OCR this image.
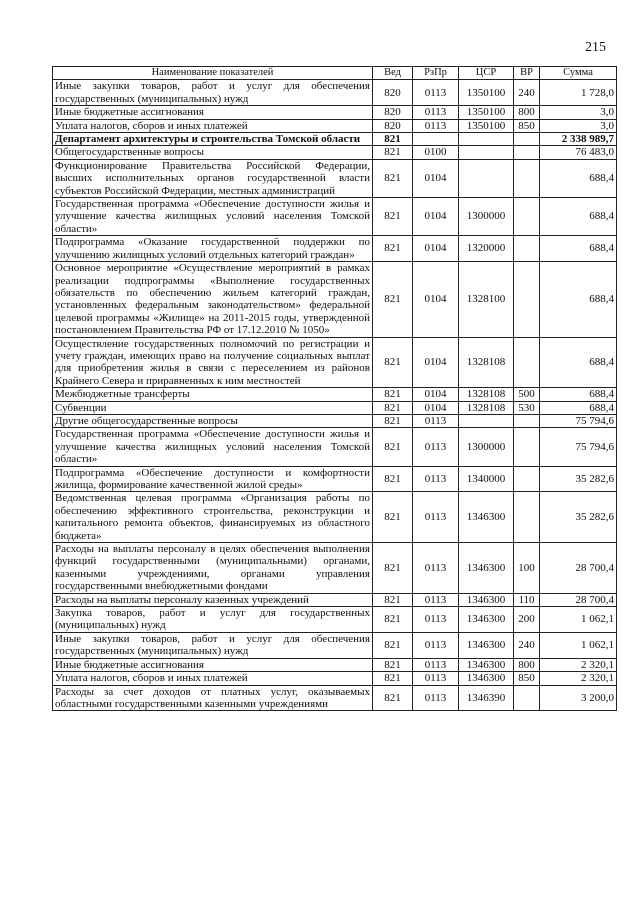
215
Наименование показателей	Вед	РзПр	ЦСР	ВР	Сумма
Иные закупки товаров, работ и услуг для обеспечения государственных (муниципальных) нужд	820	0113	1350100	240	1 728,0
Иные бюджетные ассигнования	820	0113	1350100	800	3,0
Уплата налогов, сборов и иных платежей	820	0113	1350100	850	3,0
Департамент архитектуры и строительства Томской области	821				2 338 989,7
Общегосударственные вопросы	821	0100			76 483,0
Функционирование Правительства Российской Федерации, высших исполнительных органов государственной власти субъектов Российской Федерации, местных администраций	821	0104			688,4
Государственная программа «Обеспечение доступности жилья и улучшение качества жилищных условий населения Томской области»	821	0104	1300000		688,4
Подпрограмма «Оказание государственной поддержки по улучшению жилищных условий отдельных категорий граждан»	821	0104	1320000		688,4
Основное мероприятие «Осуществление мероприятий в рамках реализации подпрограммы «Выполнение государственных обязательств по обеспечению жильем категорий граждан, установленных федеральным законодательством» федеральной целевой программы «Жилище» на 2011-2015 годы, утвержденной постановлением Правительства РФ от 17.12.2010 № 1050»	821	0104	1328100		688,4
Осуществление государственных полномочий по регистрации и учету граждан, имеющих право на получение социальных выплат для приобретения жилья в связи с переселением из районов Крайнего Севера и приравненных к ним местностей	821	0104	1328108		688,4
Межбюджетные трансферты	821	0104	1328108	500	688,4
Субвенции	821	0104	1328108	530	688,4
Другие общегосударственные вопросы	821	0113			75 794,6
Государственная программа «Обеспечение доступности жилья и улучшение качества жилищных условий населения Томской области»	821	0113	1300000		75 794,6
Подпрограмма «Обеспечение доступности и комфортности жилища, формирование качественной жилой среды»	821	0113	1340000		35 282,6
Ведомственная целевая программа «Организация работы по обеспечению эффективного строительства, реконструкции и капитального ремонта объектов, финансируемых из областного бюджета»	821	0113	1346300		35 282,6
Расходы на выплаты персоналу в целях обеспечения выполнения функций государственными (муниципальными) органами, казенными учреждениями, органами управления государственными внебюджетными фондами	821	0113	1346300	100	28 700,4
Расходы на выплаты персоналу казенных учреждений	821	0113	1346300	110	28 700,4
Закупка товаров, работ и услуг для государственных (муниципальных) нужд	821	0113	1346300	200	1 062,1
Иные закупки товаров, работ и услуг для обеспечения государственных (муниципальных) нужд	821	0113	1346300	240	1 062,1
Иные бюджетные ассигнования	821	0113	1346300	800	2 320,1
Уплата налогов, сборов и иных платежей	821	0113	1346300	850	2 320,1
Расходы за счет доходов от платных услуг, оказываемых областными государственными казенными учреждениями	821	0113	1346390		3 200,0
